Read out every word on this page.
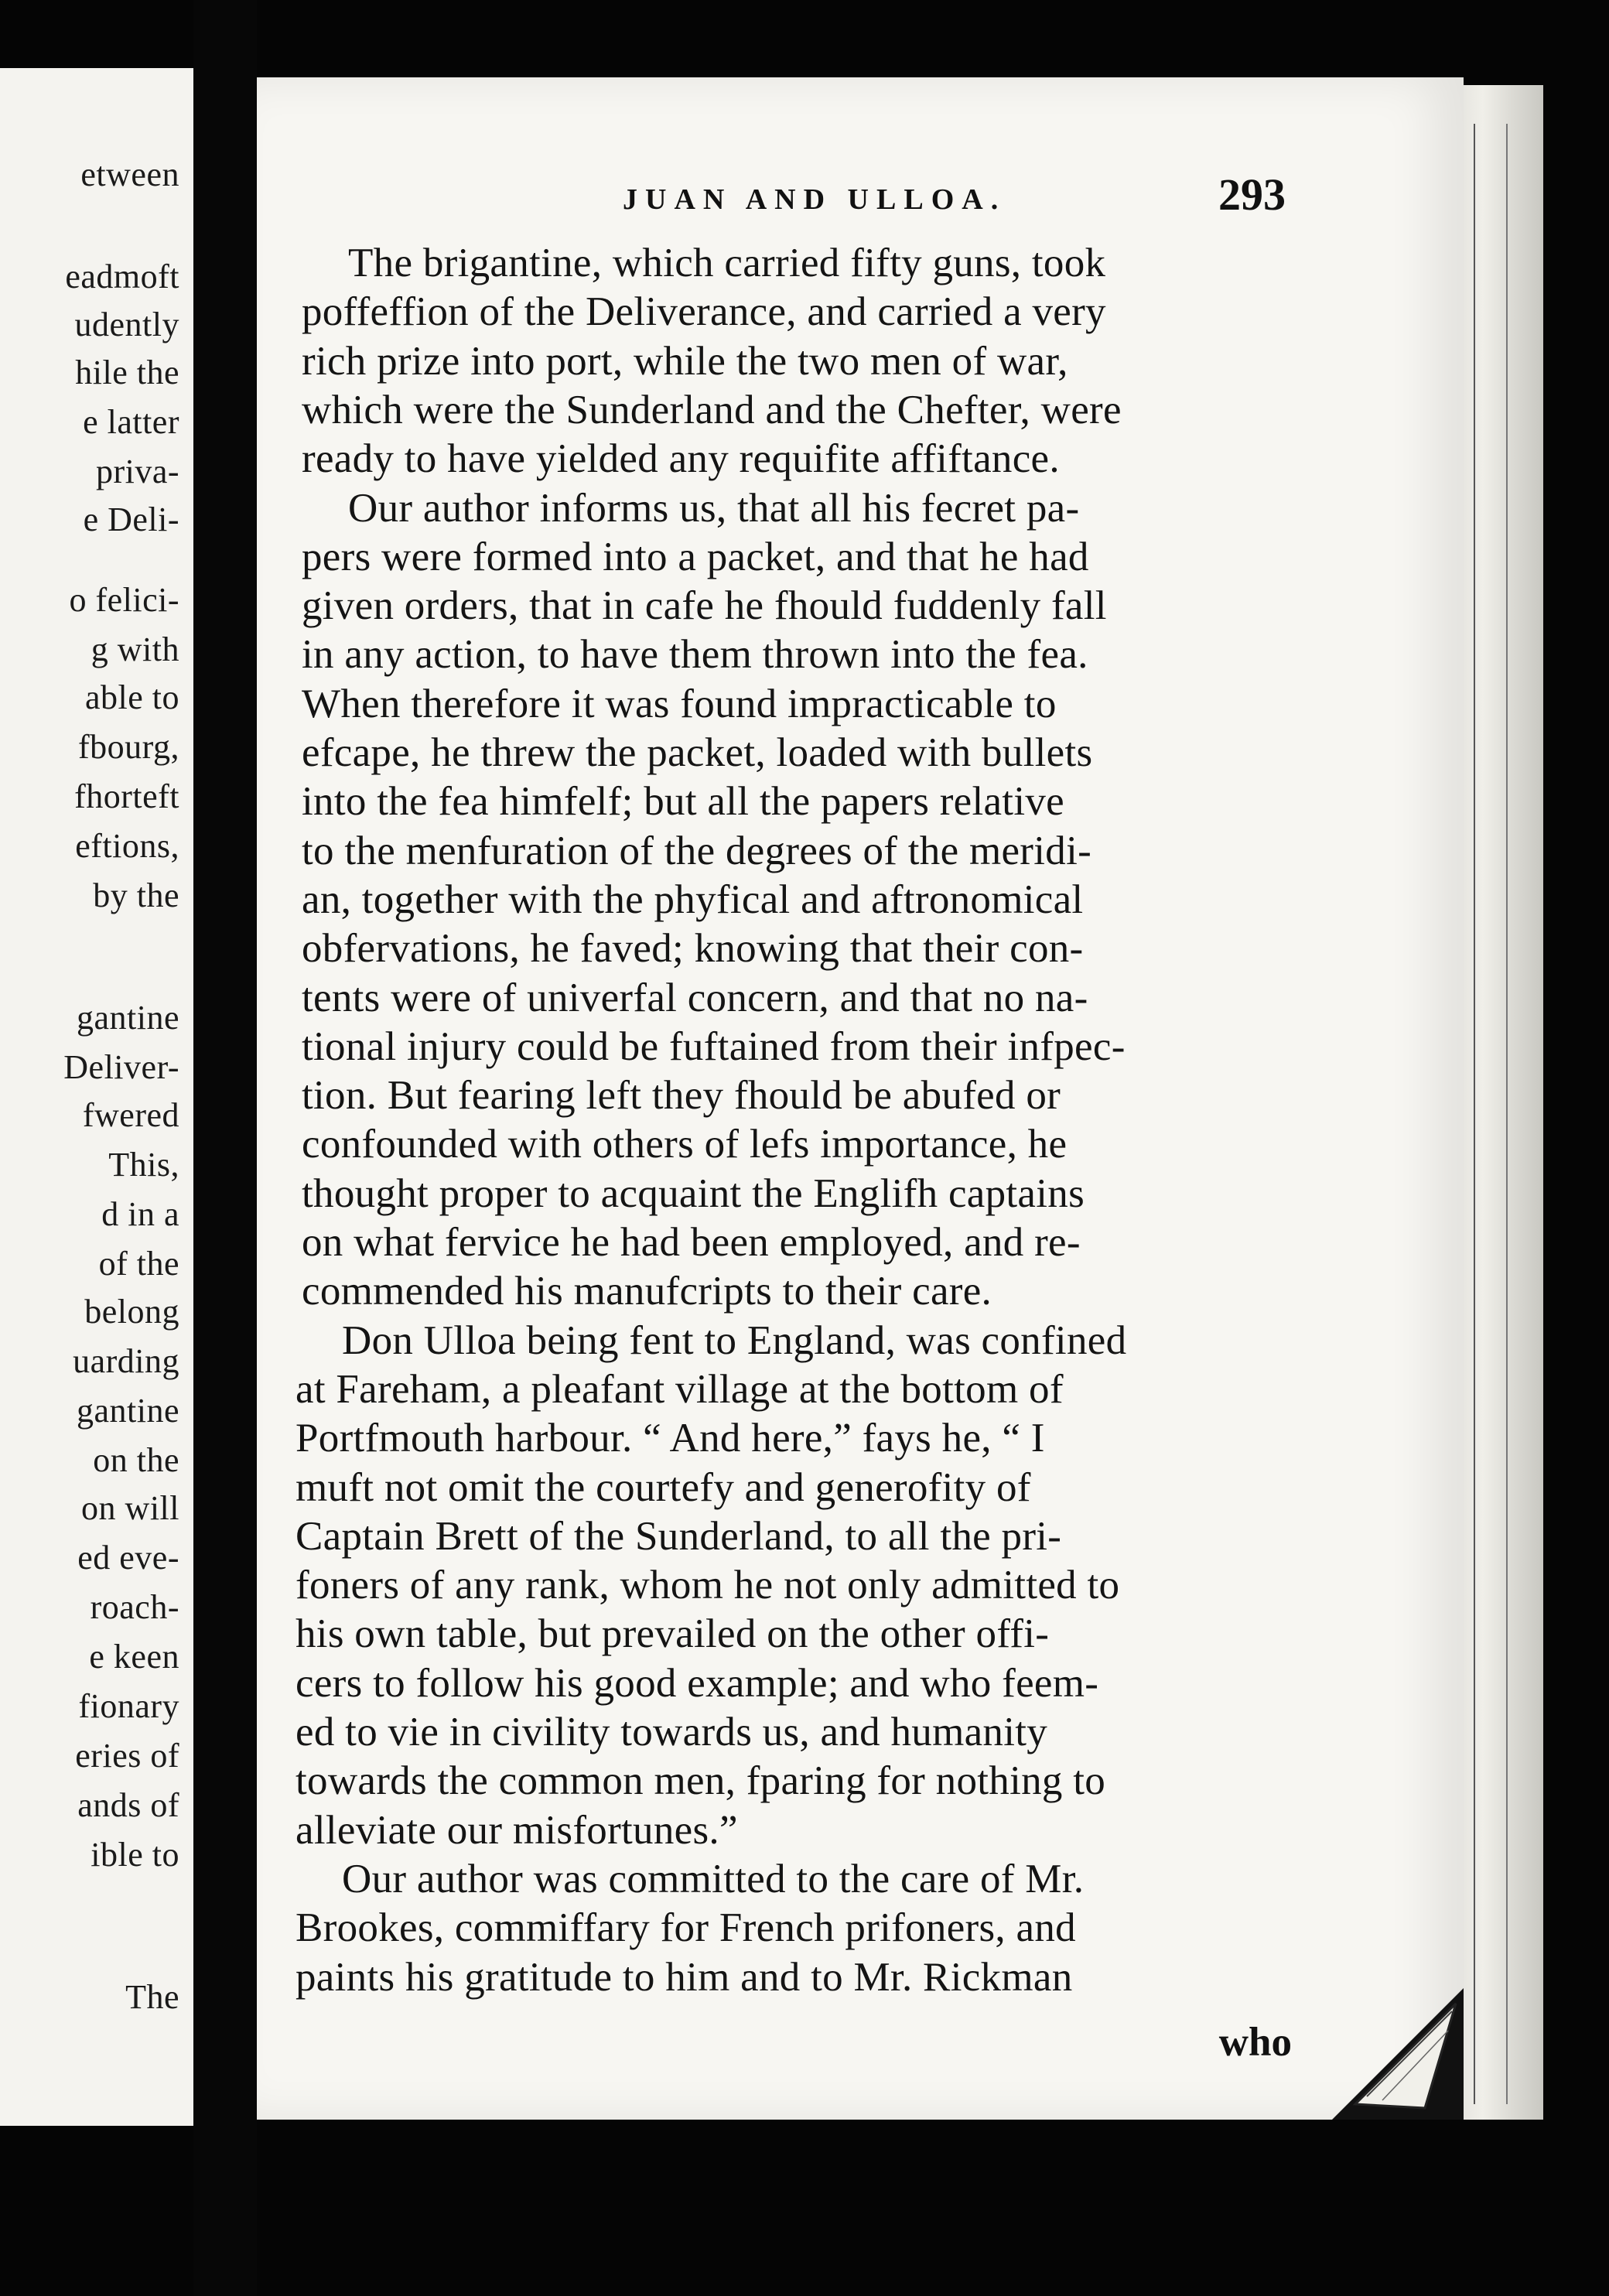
etween
eadmoft
udently
hile the
e latter
priva-
e Deli-
o felici-
g with
able to
fbourg,
fhorteft
eftions,
by the
gantine
Deliver-
fwered
This,
d in a
of the
belong
uarding
gantine
on the
on will
ed eve-
roach-
e keen
fionary
eries of
ands of
ible to
The
JUAN AND ULLOA.	293
The brigantine, which carried fifty guns, took
poffeffion of the Deliverance, and carried a very
rich prize into port, while the two men of war,
which were the Sunderland and the Chefter, were
ready to have yielded any requifite affiftance.
Our author informs us, that all his fecret pa-
pers were formed into a packet, and that he had
given orders, that in cafe he fhould fuddenly fall
in any action, to have them thrown into the fea.
When therefore it was found impracticable to
efcape, he threw the packet, loaded with bullets
into the fea himfelf; but all the papers relative
to the menfuration of the degrees of the meridi-
an, together with the phyfical and aftronomical
obfervations, he faved; knowing that their con-
tents were of univerfal concern, and that no na-
tional injury could be fuftained from their infpec-
tion. But fearing left they fhould be abufed or
confounded with others of lefs importance, he
thought proper to acquaint the Englifh captains
on what fervice he had been employed, and re-
commended his manufcripts to their care.
Don Ulloa being fent to England, was confined
at Fareham, a pleafant village at the bottom of
Portfmouth harbour. “ And here,” fays he, “ I
muft not omit the courtefy and generofity of
Captain Brett of the Sunderland, to all the pri-
foners of any rank, whom he not only admitted to
his own table, but prevailed on the other offi-
cers to follow his good example; and who feem-
ed to vie in civility towards us, and humanity
towards the common men, fparing for nothing to
alleviate our misfortunes.”
Our author was committed to the care of Mr.
Brookes, commiffary for French prifoners, and
paints his gratitude to him and to Mr. Rickman
who
